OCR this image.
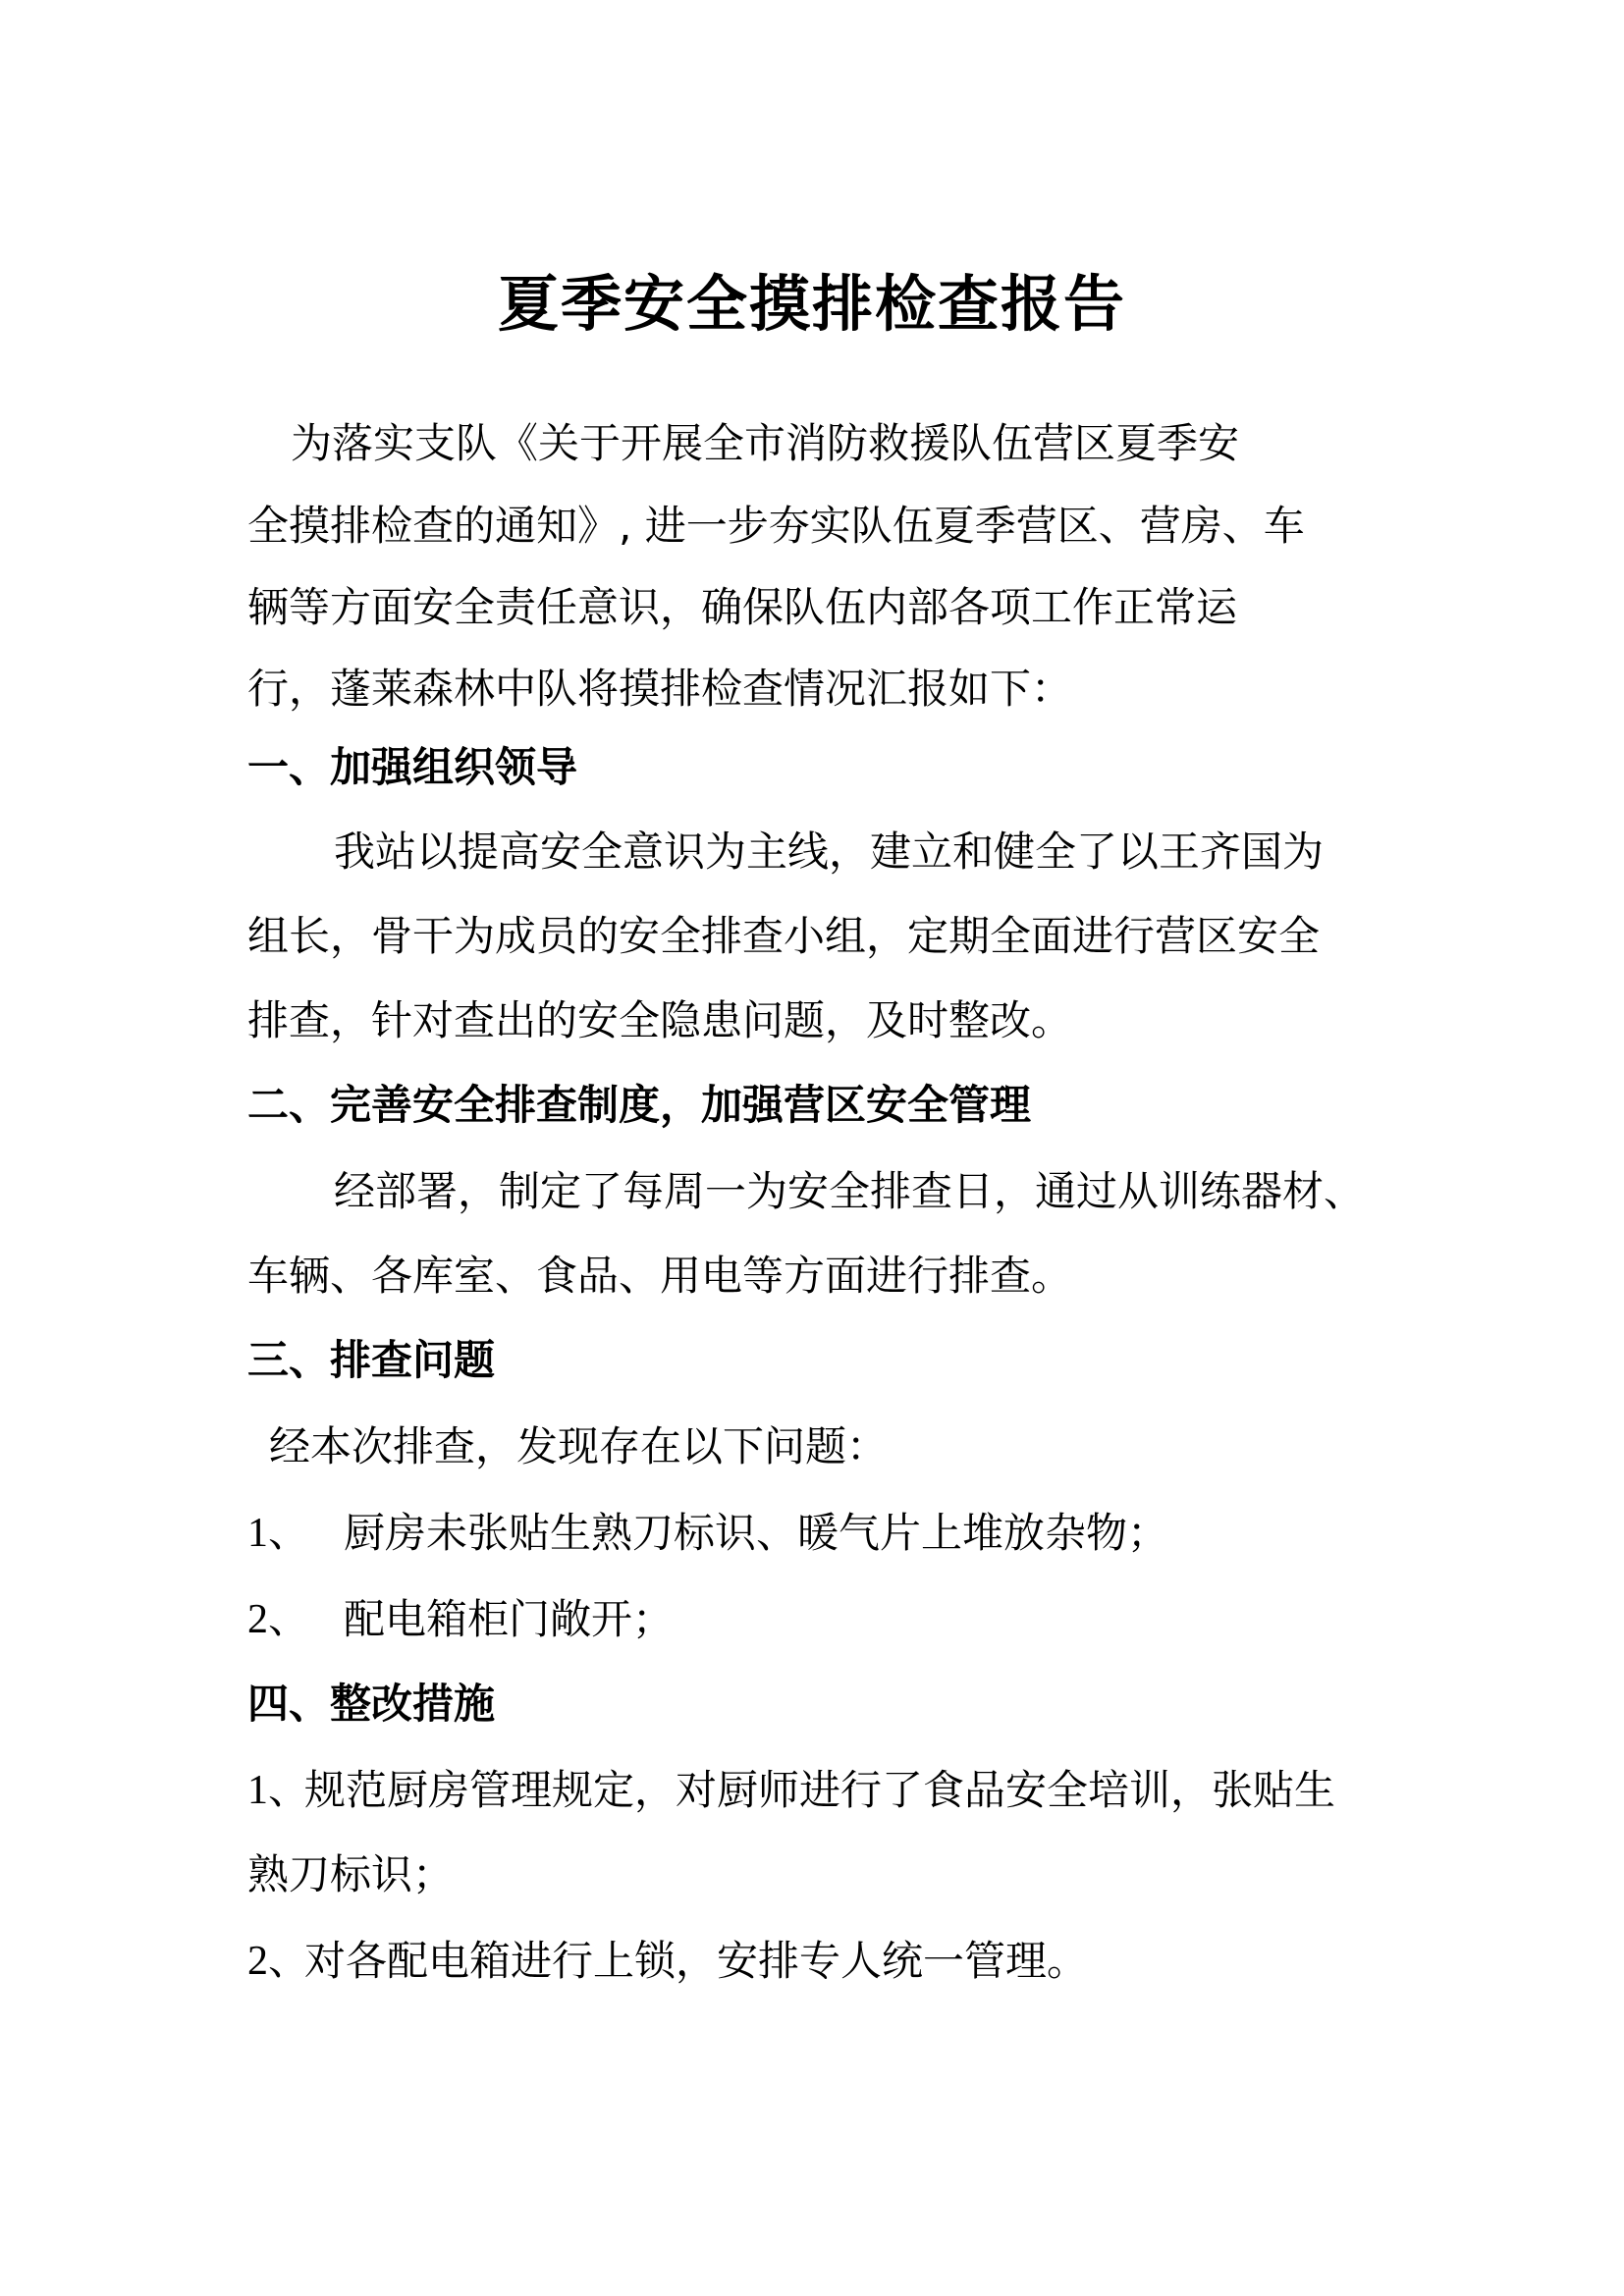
夏季安全摸排检查报告
为落实支队《关于开展全市消防救援队伍营区夏季安
全摸排检查的通知》, 进一步夯实队伍夏季营区、营房、车
辆等方面安全责任意识，确保队伍内部各项工作正常运
行，蓬莱森林中队将摸排检查情况汇报如下：
一、加强组织领导
我站以提高安全意识为主线，建立和健全了以王齐国为
组长，骨干为成员的安全排查小组，定期全面进行营区安全
排查，针对查出的安全隐患问题，及时整改。
二、完善安全排查制度，加强营区安全管理
经部署，制定了每周一为安全排查日，通过从训练器材、
车辆、各库室、食品、用电等方面进行排查。
三、排查问题
经本次排查，发现存在以下问题：
1、 厨房未张贴生熟刀标识、暖气片上堆放杂物；
2、 配电箱柜门敞开；
四、整改措施
1、
规范厨房管理规定，对厨师进行了食品安全培训，张贴生
熟刀标识；
2、
对各配电箱进行上锁，安排专人统一管理。
